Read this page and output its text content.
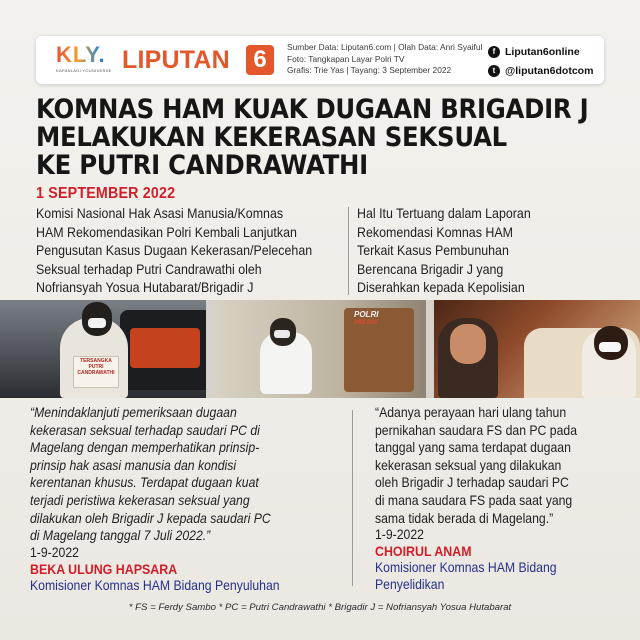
KLY.
KAPANLAGI YOUNIVERSE LIPUTAN 6	Sumber Data: Liputan6.com | Olah Data: Anri Syaiful
Foto: Tangkapan Layar Polri TV
Grafis: Trie Yas | Tayang: 3 September 2022
f Liputan6online
t @liputan6dotcom
KOMNAS HAM KUAK DUGAAN BRIGADIR J
MELAKUKAN KEKERASAN SEKSUAL
KE PUTRI CANDRAWATHI
1 SEPTEMBER 2022
Komisi Nasional Hak Asasi Manusia/Komnas
HAM Rekomendasikan Polri Kembali Lanjutkan
Pengusutan Kasus Dugaan Kekerasan/Pelecehan
Seksual terhadap Putri Candrawathi oleh
Nofriansyah Yosua Hutabarat/Brigadir J
Hal Itu Tertuang dalam Laporan
Rekomendasi Komnas HAM
Terkait Kasus Pembunuhan
Berencana Brigadir J yang
Diserahkan kepada Kepolisian
TERSANGKA
PUTRI
CANDRAWATHI
POLRI
PRESISI
“Menindaklanjuti pemeriksaan dugaan
kekerasan seksual terhadap saudari PC di
Magelang dengan memperhatikan prinsip-
prinsip hak asasi manusia dan kondisi
kerentanan khusus. Terdapat dugaan kuat
terjadi peristiwa kekerasan seksual yang
dilakukan oleh Brigadir J kepada saudari PC
di Magelang tanggal 7 Juli 2022.”
1-9-2022
BEKA ULUNG HAPSARA
Komisioner Komnas HAM Bidang Penyuluhan
“Adanya perayaan hari ulang tahun
pernikahan saudara FS dan PC pada
tanggal yang sama terdapat dugaan
kekerasan seksual yang dilakukan
oleh Brigadir J terhadap saudari PC
di mana saudara FS pada saat yang
sama tidak berada di Magelang.”
1-9-2022
CHOIRUL ANAM
Komisioner Komnas HAM Bidang
Penyelidikan
* FS = Ferdy Sambo * PC = Putri Candrawathi * Brigadir J = Nofriansyah Yosua Hutabarat
